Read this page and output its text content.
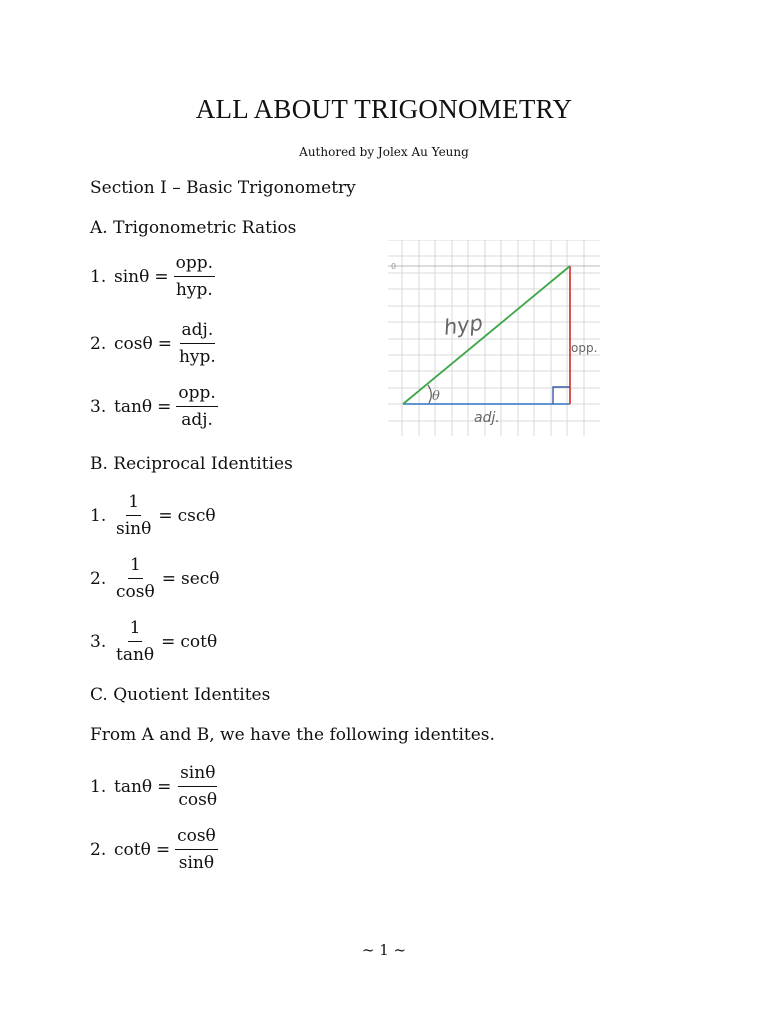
ALL ABOUT TRIGONOMETRY
Authored by Jolex Au Yeung
Section I – Basic Trigonometry
A. Trigonometric Ratios
1. $\sin\theta = \frac{\text{opp.}}{\text{hyp.}}$
2. $\cos\theta = \frac{\text{adj.}}{\text{hyp.}}$
3. $\tan\theta = \frac{\text{opp.}}{\text{adj.}}$
0
θ
hyp
opp.
adj.
B. Reciprocal Identities
1. $\frac{1}{\sin\theta} = \csc\theta$
2. $\frac{1}{\cos\theta} = \sec\theta$
3. $\frac{1}{\tan\theta} = \cot\theta$
C. Quotient Identites
From A and B, we have the following identites.
1. $\tan\theta = \frac{\sin\theta}{\cos\theta}$
2. $\cot\theta = \frac{\cos\theta}{\sin\theta}$
~ 1 ~
